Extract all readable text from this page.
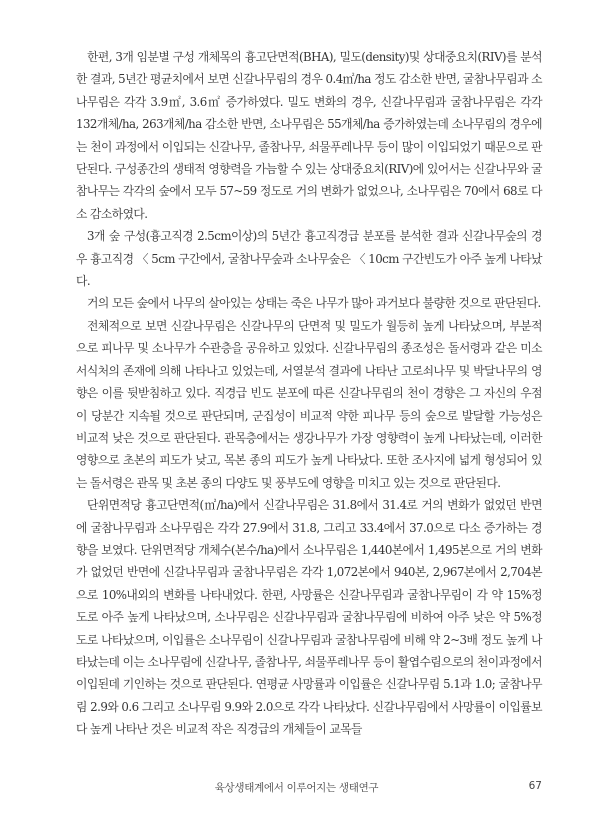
한편, 3개 임분별 구성 개체목의 흉고단면적(BHA), 밀도(density)및 상대중요치(RIV)를 분석한 결과, 5년간 평균치에서 보면 신갈나무림의 경우 0.4㎡/ha 정도 감소한 반면, 굴참나무림과 소나무림은 각각 3.9㎡, 3.6㎡ 증가하였다. 밀도 변화의 경우, 신갈나무림과 굴참나무림은 각각 132개체/ha, 263개체/ha 감소한 반면, 소나무림은 55개체/ha 증가하였는데 소나무림의 경우에는 천이 과정에서 이입되는 신갈나무, 졸참나무, 쇠물푸레나무 등이 많이 이입되었기 때문으로 판단된다. 구성종간의 생태적 영향력을 가늠할 수 있는 상대중요치(RIV)에 있어서는 신갈나무와 굴참나무는 각각의 숲에서 모두 57~59 정도로 거의 변화가 없었으나, 소나무림은 70에서 68로 다소 감소하였다.

3개 숲 구성(흉고직경 2.5cm이상)의 5년간 흉고직경급 분포를 분석한 결과 신갈나무숲의 경우 흉고직경 〈 5cm 구간에서, 굴참나무숲과 소나무숲은 〈 10cm 구간빈도가 아주 높게 나타났다.

거의 모든 숲에서 나무의 살아있는 상태는 죽은 나무가 많아 과거보다 불량한 것으로 판단된다.

전체적으로 보면 신갈나무림은 신갈나무의 단면적 및 밀도가 월등히 높게 나타났으며, 부분적으로 피나무 및 소나무가 수관층을 공유하고 있었다. 신갈나무림의 종조성은 돌서령과 같은 미소 서식처의 존재에 의해 나타나고 있었는데, 서열분석 결과에 나타난 고로쇠나무 및 박달나무의 영향은 이를 뒷받침하고 있다. 직경급 빈도 분포에 따른 신갈나무림의 천이 경향은 그 자신의 우점이 당분간 지속될 것으로 판단되며, 군집성이 비교적 약한 피나무 등의 숲으로 발달할 가능성은 비교적 낮은 것으로 판단된다. 관목층에서는 생강나무가 가장 영향력이 높게 나타났는데, 이러한 영향으로 초본의 피도가 낮고, 목본 종의 피도가 높게 나타났다. 또한 조사지에 넓게 형성되어 있는 돌서령은 관목 및 초본 종의 다양도 및 풍부도에 영향을 미치고 있는 것으로 판단된다.

단위면적당 흉고단면적(㎡/ha)에서 신갈나무림은 31.8에서 31.4로 거의 변화가 없었던 반면에 굴참나무림과 소나무림은 각각 27.9에서 31.8, 그리고 33.4에서 37.0으로 다소 증가하는 경향을 보였다. 단위면적당 개체수(본수/ha)에서 소나무림은 1,440본에서 1,495본으로 거의 변화가 없었던 반면에 신갈나무림과 굴참나무림은 각각 1,072본에서 940본, 2,967본에서 2,704본으로 10%내외의 변화를 나타내었다. 한편, 사망률은 신갈나무림과 굴참나무림이 각 약 15%정도로 아주 높게 나타났으며, 소나무림은 신갈나무림과 굴참나무림에 비하여 아주 낮은 약 5%정도로 나타났으며, 이입률은 소나무림이 신갈나무림과 굴참나무림에 비해 약 2~3배 정도 높게 나타났는데 이는 소나무림에 신갈나무, 졸참나무, 쇠물푸레나무 등이 활엽수림으로의 천이과정에서 이입된데 기인하는 것으로 판단된다. 연평균 사망률과 이입률은 신갈나무림 5.1과 1.0; 굴참나무림 2.9와 0.6 그리고 소나무림 9.9와 2.0으로 각각 나타났다. 신갈나무림에서 사망률이 이입률보다 높게 나타난 것은 비교적 작은 직경급의 개체들이 교목들

육상생태계에서 이루어지는 생태연구	67
